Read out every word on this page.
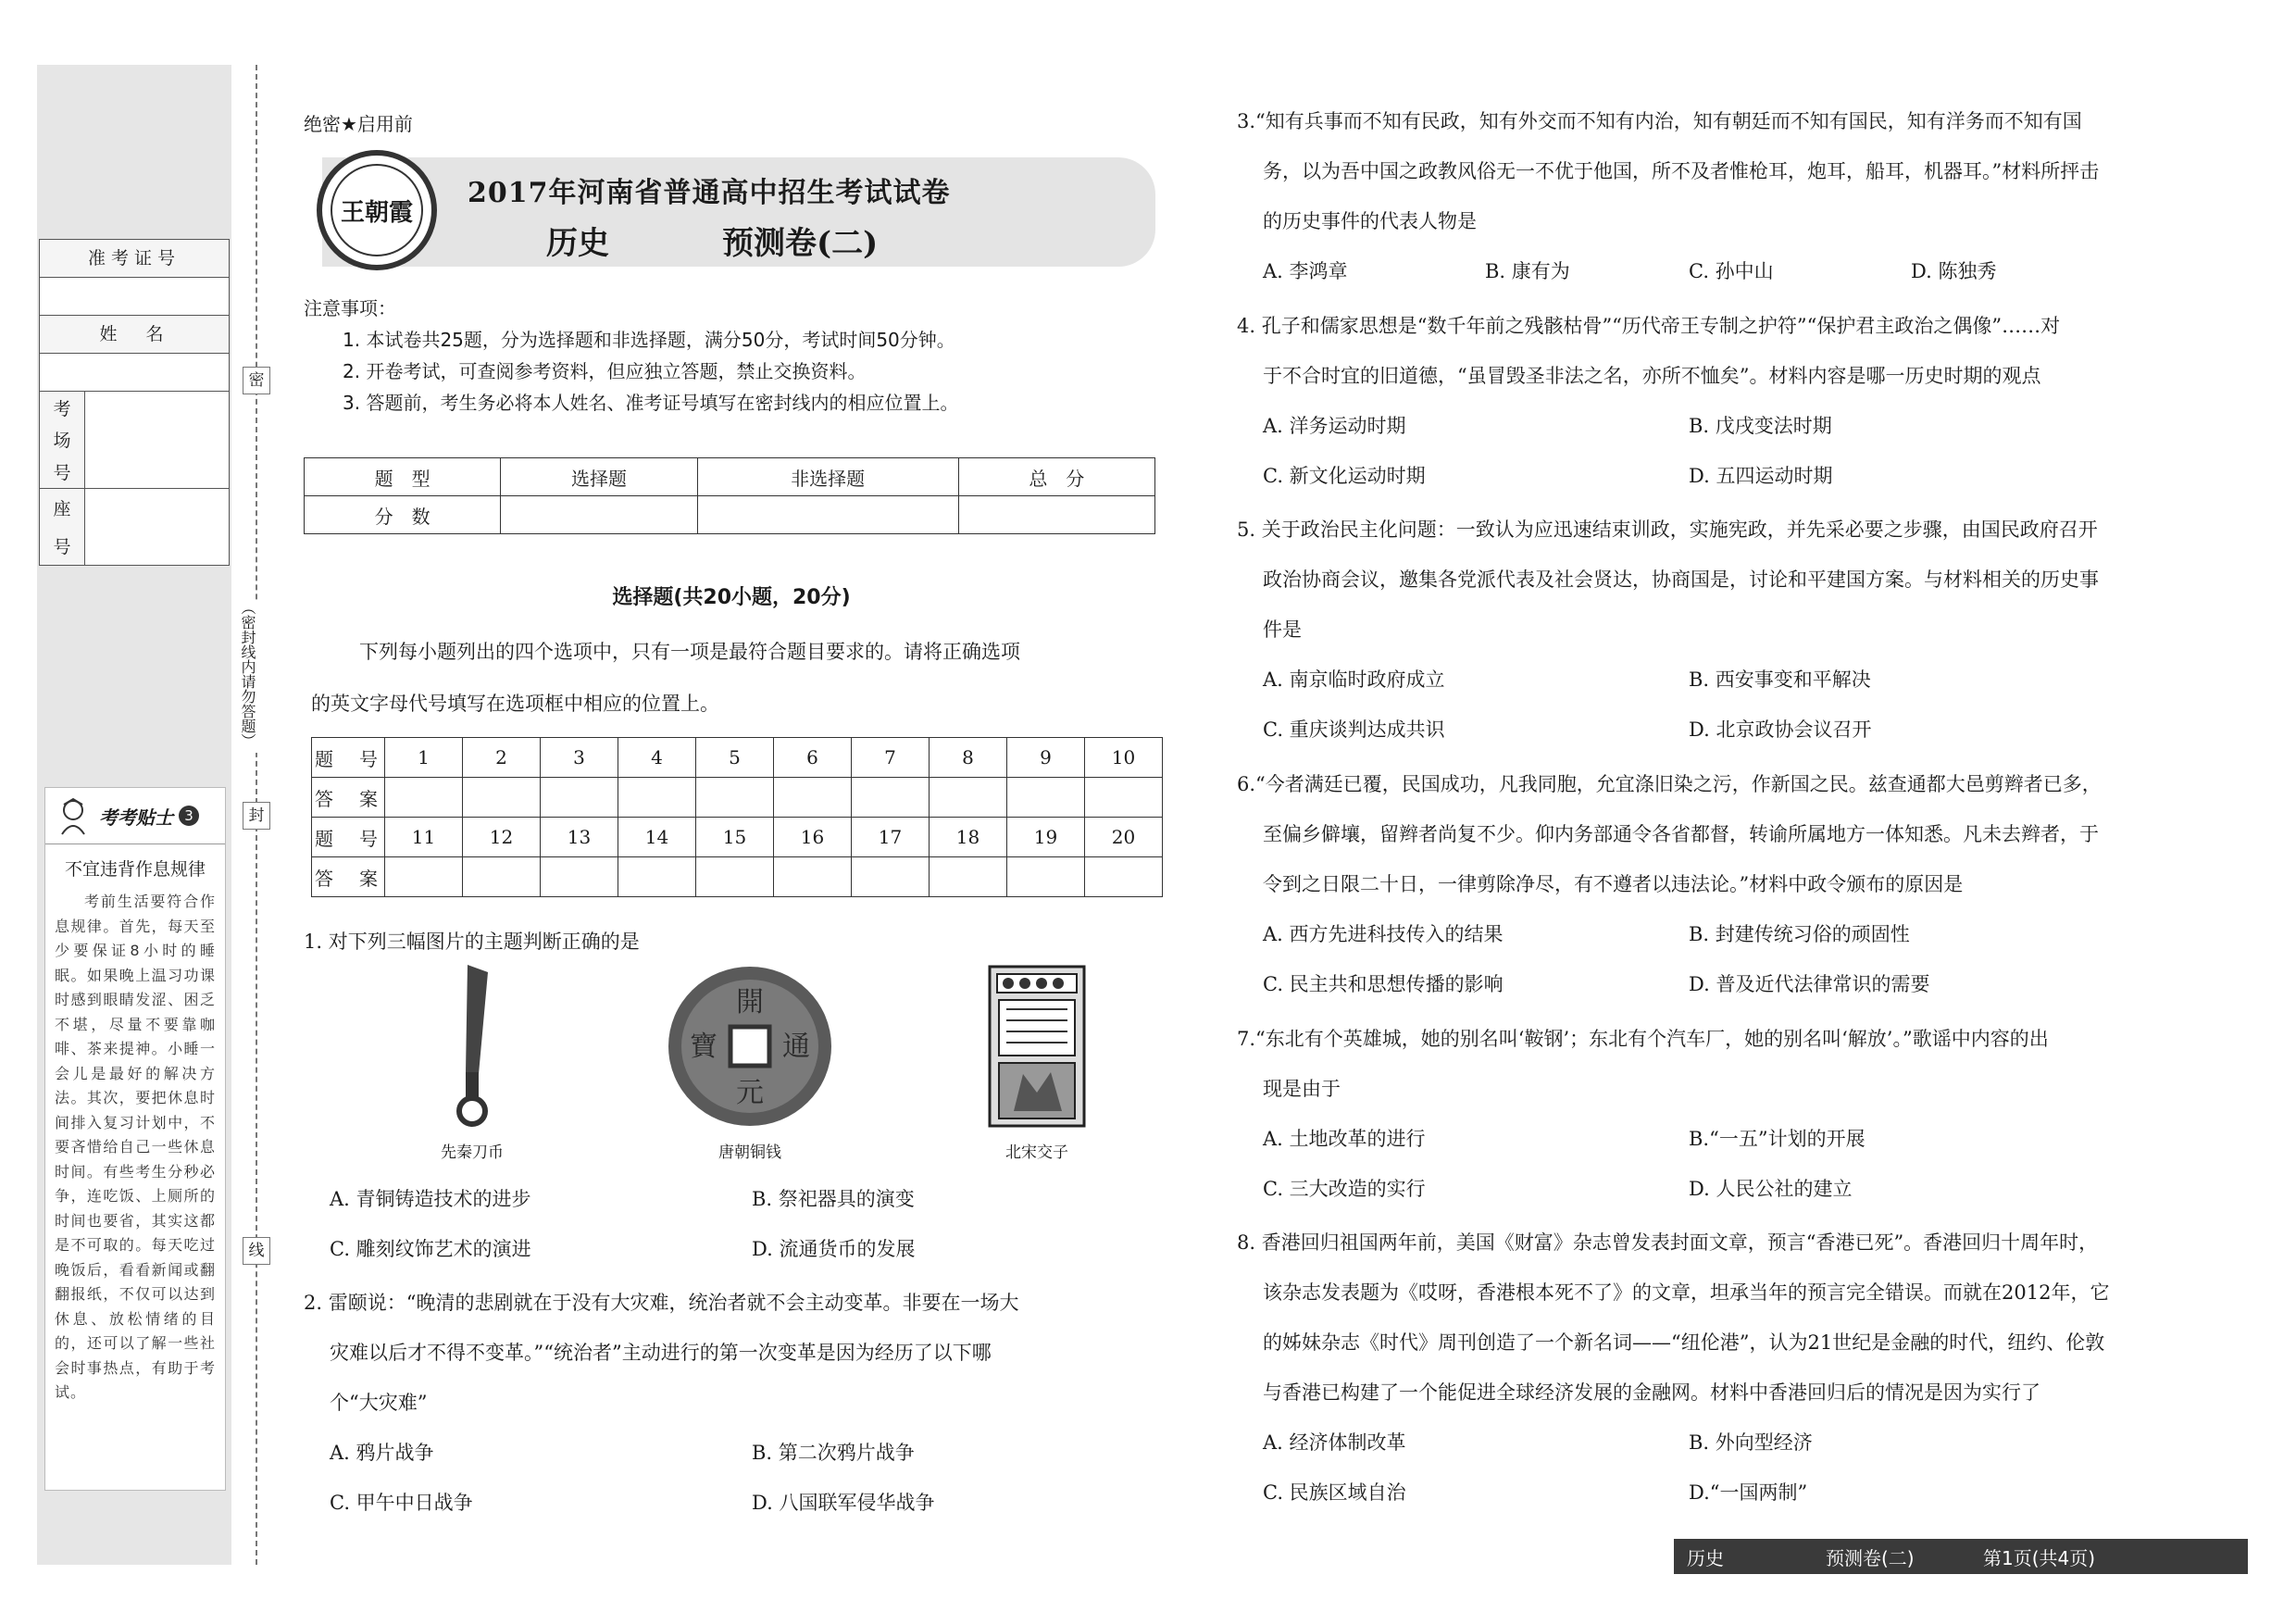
准考证号
姓　名
考
场
号
座
号
考考贴士 3
不宜违背作息规律
考前生活要符合作息规律。首先，每天至少要保证8小时的睡眠。如果晚上温习功课时感到眼睛发涩、困乏不堪，尽量不要靠咖啡、茶来提神。小睡一会儿是最好的解决方法。其次，要把休息时间排入复习计划中，不要吝惜给自己一些休息时间。有些考生分秒必争，连吃饭、上厕所的时间也要省，其实这都是不可取的。每天吃过晚饭后，看看新闻或翻翻报纸，不仅可以达到休息、放松情绪的目的，还可以了解一些社会时事热点，有助于考试。
密
（密封线内请勿答题）
封
线
绝密★启用前
王朝霞
2017年河南省普通高中招生考试试卷
历史	预测卷(二)
注意事项：
1. 本试卷共25题，分为选择题和非选择题，满分50分，考试时间50分钟。
2. 开卷考试，可查阅参考资料，但应独立答题，禁止交换资料。
3. 答题前，考生务必将本人姓名、准考证号填写在密封线内的相应位置上。
题　型	选择题	非选择题	总　分
分　数			
选择题(共20小题，20分)
下列每小题列出的四个选项中，只有一项是最符合题目要求的。请将正确选项
的英文字母代号填写在选项框中相应的位置上。
题　号	1	2	3	4	5	6	7	8	9	10
答　案										
题　号	11	12	13	14	15	16	17	18	19	20
答　案										
1. 对下列三幅图片的主题判断正确的是
先秦刀币
開
元
通
寶
唐朝铜钱	北宋交子
A. 青铜铸造技术的进步	B. 祭祀器具的演变
C. 雕刻纹饰艺术的演进	D. 流通货币的发展
2. 雷颐说：“晚清的悲剧就在于没有大灾难，统治者就不会主动变革。非要在一场大
灾难以后才不得不变革。”“统治者”主动进行的第一次变革是因为经历了以下哪
个“大灾难”
A. 鸦片战争	B. 第二次鸦片战争
C. 甲午中日战争	D. 八国联军侵华战争
3.“知有兵事而不知有民政，知有外交而不知有内治，知有朝廷而不知有国民，知有洋务而不知有国
务，以为吾中国之政教风俗无一不优于他国，所不及者惟枪耳，炮耳，船耳，机器耳。”材料所抨击
的历史事件的代表人物是
A. 李鸿章	B. 康有为	C. 孙中山	D. 陈独秀
4. 孔子和儒家思想是“数千年前之残骸枯骨”“历代帝王专制之护符”“保护君主政治之偶像”……对
于不合时宜的旧道德，“虽冒毁圣非法之名，亦所不恤矣”。材料内容是哪一历史时期的观点
A. 洋务运动时期	B. 戊戌变法时期
C. 新文化运动时期	D. 五四运动时期
5. 关于政治民主化问题：一致认为应迅速结束训政，实施宪政，并先采必要之步骤，由国民政府召开
政治协商会议，邀集各党派代表及社会贤达，协商国是，讨论和平建国方案。与材料相关的历史事
件是
A. 南京临时政府成立	B. 西安事变和平解决
C. 重庆谈判达成共识	D. 北京政协会议召开
6.“今者满廷已覆，民国成功，凡我同胞，允宜涤旧染之污，作新国之民。兹查通都大邑剪辫者已多，
至偏乡僻壤，留辫者尚复不少。仰内务部通令各省都督，转谕所属地方一体知悉。凡未去辫者，于
令到之日限二十日，一律剪除净尽，有不遵者以违法论。”材料中政令颁布的原因是
A. 西方先进科技传入的结果	B. 封建传统习俗的顽固性
C. 民主共和思想传播的影响	D. 普及近代法律常识的需要
7.“东北有个英雄城，她的别名叫‘鞍钢’；东北有个汽车厂，她的别名叫‘解放’。”歌谣中内容的出
现是由于
A. 土地改革的进行	B.“一五”计划的开展
C. 三大改造的实行	D. 人民公社的建立
8. 香港回归祖国两年前，美国《财富》杂志曾发表封面文章，预言“香港已死”。香港回归十周年时，
该杂志发表题为《哎呀，香港根本死不了》的文章，坦承当年的预言完全错误。而就在2012年，它
的姊妹杂志《时代》周刊创造了一个新名词——“纽伦港”，认为21世纪是金融的时代，纽约、伦敦
与香港已构建了一个能促进全球经济发展的金融网。材料中香港回归后的情况是因为实行了
A. 经济体制改革	B. 外向型经济
C. 民族区域自治	D.“一国两制”
历史	预测卷(二)	第1页(共4页)
